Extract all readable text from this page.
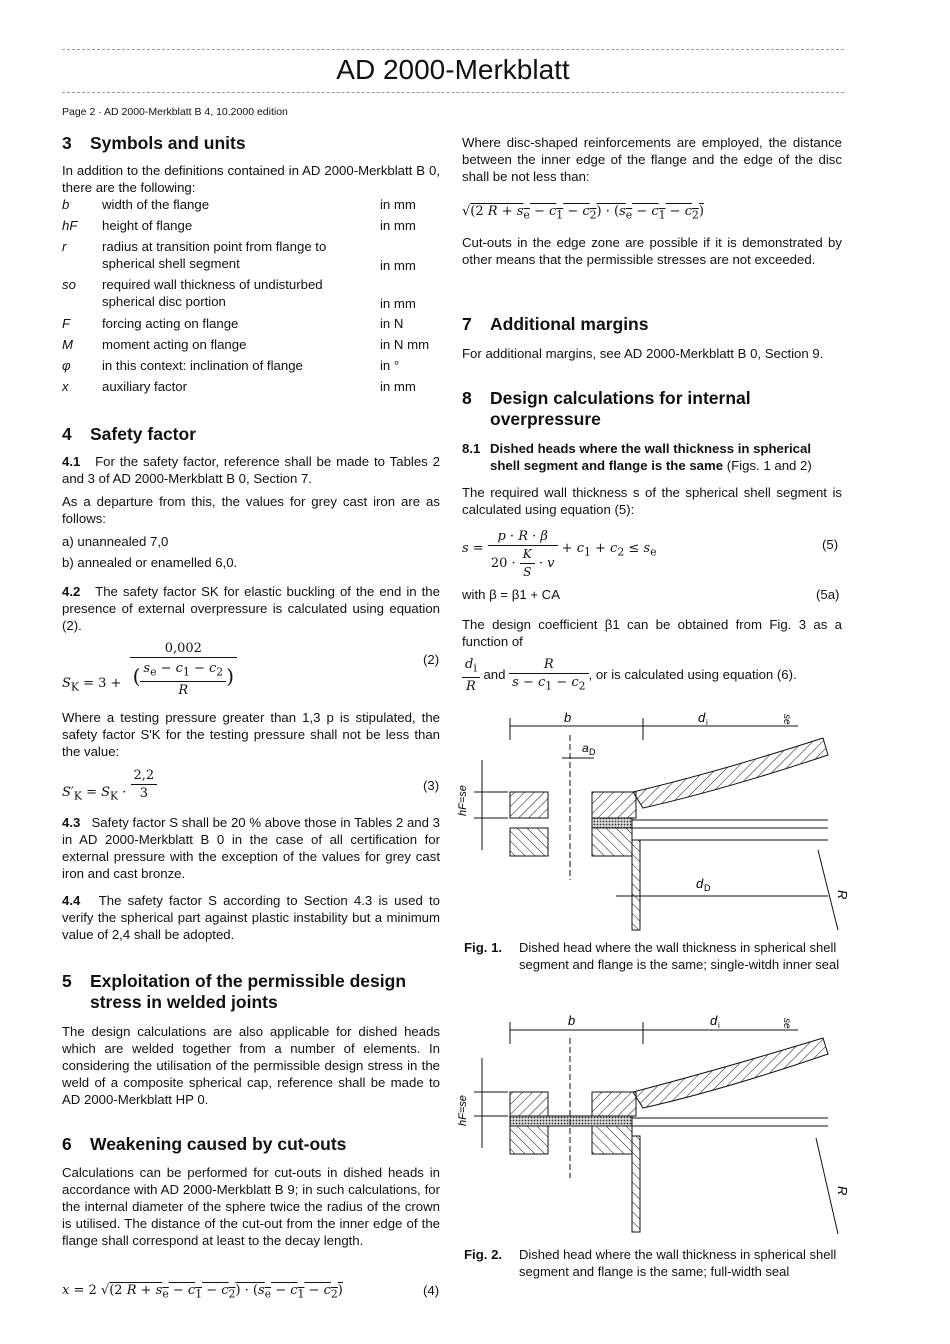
AD 2000-Merkblatt
Page 2 · AD 2000-Merkblatt B 4, 10.2000 edition
3 Symbols and units

In addition to the definitions contained in AD 2000-Merkblatt B 0, there are the following:

b width of the flange	in mm
hF height of flange	in mm
r	radius at transition point from flange to spherical shell segment	in mm
so required wall thickness of undisturbed spherical disc portion	in mm
F forcing acting on flange	in N
M moment acting on flange	in N mm
φ in this context: inclination of flange	in °
x	auxiliary factor	in mm
4 Safety factor

4.1 For the safety factor, reference shall be made to Tables 2 and 3 of AD 2000-Merkblatt B 0, Section 7.

As a departure from this, the values for grey cast iron are as follows:

a) unannealed 7,0

b) annealed or enamelled 6,0.

4.2 The safety factor SK for elastic buckling of the end in the presence of external overpressure is calculated using equation (2).

$S_K = 3 + \frac{0,002}{( \frac{s_e - c_1 - c_2}{R} )}$	(2)

Where a testing pressure greater than 1,3 p is stipulated, the safety factor S'K for the testing pressure shall not be less than the value:

$S'_K = S_K \cdot \frac{2,2}{3}$	(3)

4.3 Safety factor S shall be 20 % above those in Tables 2 and 3 in AD 2000-Merkblatt B 0 in the case of all certification for external pressure with the exception of the values for grey cast iron and cast bronze.

4.4 The safety factor S according to Section 4.3 is used to verify the spherical part against plastic instability but a minimum value of 2,4 shall be adopted.

5 Exploitation of the permissible design stress in welded joints

The design calculations are also applicable for dished heads which are welded together from a number of elements. In considering the utilisation of the permissible design stress in the weld of a composite spherical cap, reference shall be made to AD 2000-Merkblatt HP 0.

6 Weakening caused by cut-outs

Calculations can be performed for cut-outs in dished heads in accordance with AD 2000-Merkblatt B 9; in such calculations, for the internal diameter of the sphere twice the radius of the crown is utilised. The distance of the cut-out from the inner edge of the flange shall correspond at least to the decay length.

x = 2 √(2 $R + s_e - c_1 - c_2) \cdot (s_e - c_1 - c_2)$	(4)

Where disc-shaped reinforcements are employed, the distance between the inner edge of the flange and the edge of the disc shall be not less than:

√(2 $R + s_e - c_1 - c_2) \cdot (s_e - c_1 - c_2)$

Cut-outs in the edge zone are possible if it is demonstrated by other means that the permissible stresses are not exceeded.

7 Additional margins

For additional margins, see AD 2000-Merkblatt B 0, Section 9.

8 Design calculations for internal overpressure

8.1 Dished heads where the wall thickness in spherical shell segment and flange is the same (Figs. 1 and 2)

The required wall thickness s of the spherical shell segment is calculated using equation (5):

$s = \frac{p \cdot R \cdot \beta}{20 \cdot \frac{K}{S} \cdot v} + c_1 + c_2 \le s_e$
(5)
with β = β1 + CA	(5a)

The design coefficient β1 can be obtained from Fig. 3 as a function of

$\frac{d_i}{R}$ and $\frac{R}{s - c_1 - c_2}$ , or is calculated using equation (6).
b	d i
a D
hF=se
d D
R
se
Fig. 1. Dished head where the wall thickness in spherical shell segment and flange is the same; single-witdh inner seal
b	d i
hF=se
R
se
Fig. 2. Dished head where the wall thickness in spherical shell segment and flange is the same; full-width seal
